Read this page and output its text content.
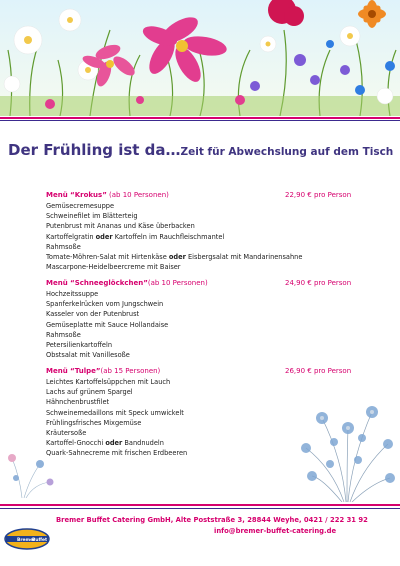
Der Frühling ist da…Zeit für Abwechslung auf dem Tisch
Menü “Krokus” (ab 10 Personen)	22,90 € pro Person
Gemüsecremesuppe
Schweinefilet im Blätterteig
Putenbrust mit Ananas und Käse überbacken
Kartoffelgratin oder Kartoffeln im Rauchfleischmantel
Rahmsoße
Tomate-Möhren-Salat mit Hirtenkäse oder Eisbergsalat mit Mandarinensahne
Mascarpone-Heidelbeercreme mit Baiser
Menü “Schneeglöckchen”(ab 10 Personen)	24,90 € pro Person
Hochzeitssuppe
Spanferkelrücken vom Jungschwein
Kasseler von der Putenbrust
Gemüseplatte mit Sauce Hollandaise
Rahmsoße
Petersilienkartoffeln
Obstsalat mit Vanillesoße
Menü “Tulpe”(ab 15 Personen)	26,90 € pro Person
Leichtes Kartoffelsüppchen mit Lauch
Lachs auf grünem Spargel
Hähnchenbrustfilet
Schweinemedaillons mit Speck umwickelt
Frühlingsfrisches Mixgemüse
Kräutersoße
Kartoffel-Gnocchi oder Bandnudeln
Quark-Sahnecreme mit frischen Erdbeeren
Bremer Buffet Catering GmbH, Alte Poststraße 3, 28844 Weyhe, 0421 / 222 31 92
info@bremer-buffet-catering.de
Bremer
Buffet
